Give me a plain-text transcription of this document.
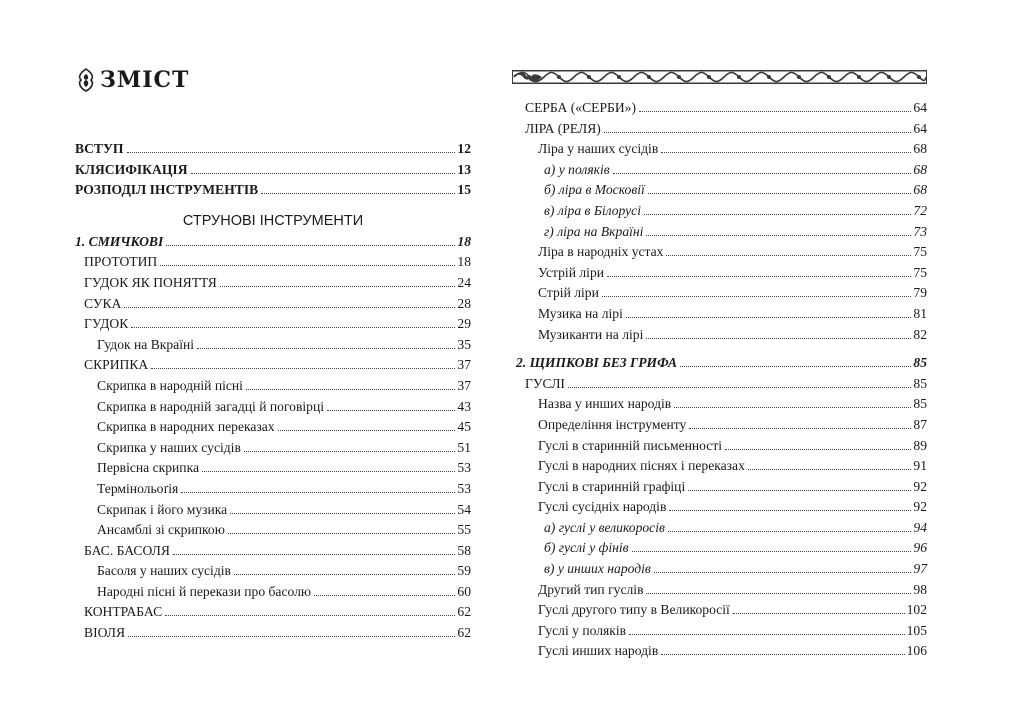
ЗМІСТ
ВСТУП	12
КЛЯСИФІКАЦІЯ	13
РОЗПОДІЛ ІНСТРУМЕНТІВ	15
СТРУНОВІ ІНСТРУМЕНТИ
1. СМИЧКОВІ	18
ПРОТОТИП	18
ГУДОК ЯК ПОНЯТТЯ	24
СУКА	28
ГУДОК	29
Гудок на Вкраїні	35
СКРИПКА	37
Скрипка в народній пісні	37
Скрипка в народній загадці й поговірці	43
Скрипка в народних переказах	45
Скрипка у наших сусідів	51
Первісна скрипка	53
Термінольоґія	53
Скрипак і його музика	54
Ансамблі зі скрипкою	55
БАС. БАСОЛЯ	58
Басоля у наших сусідів	59
Народні пісні й перекази про басолю	60
КОНТРАБАС	62
ВІОЛЯ	62
СЕРБА («СЕРБИ»)	64
ЛІРА (РЕЛЯ)	64
Ліра у наших сусідів	68
а) у поляків	68
б) ліра в Московії	68
в) ліра в Білорусі	72
г) ліра на Вкраїні	73
Ліра в народніх устах	75
Устрій ліри	75
Стрій ліри	79
Музика на лірі	81
Музиканти на лірі	82
2. ЩИПКОВІ БЕЗ ГРИФА	85
ГУСЛІ	85
Назва у инших народів	85
Определіння інструменту	87
Гуслі в старинній письменності	89
Гуслі в народних піснях і переказах	91
Гуслі в старинній графіці	92
Гуслі сусідніх народів	92
а) гуслі у великоросів	94
б) гуслі у фінів	96
в) у инших народів	97
Другий тип гуслів	98
Гуслі другого типу в Великоросії	102
Гуслі у поляків	105
Гуслі инших народів	106
